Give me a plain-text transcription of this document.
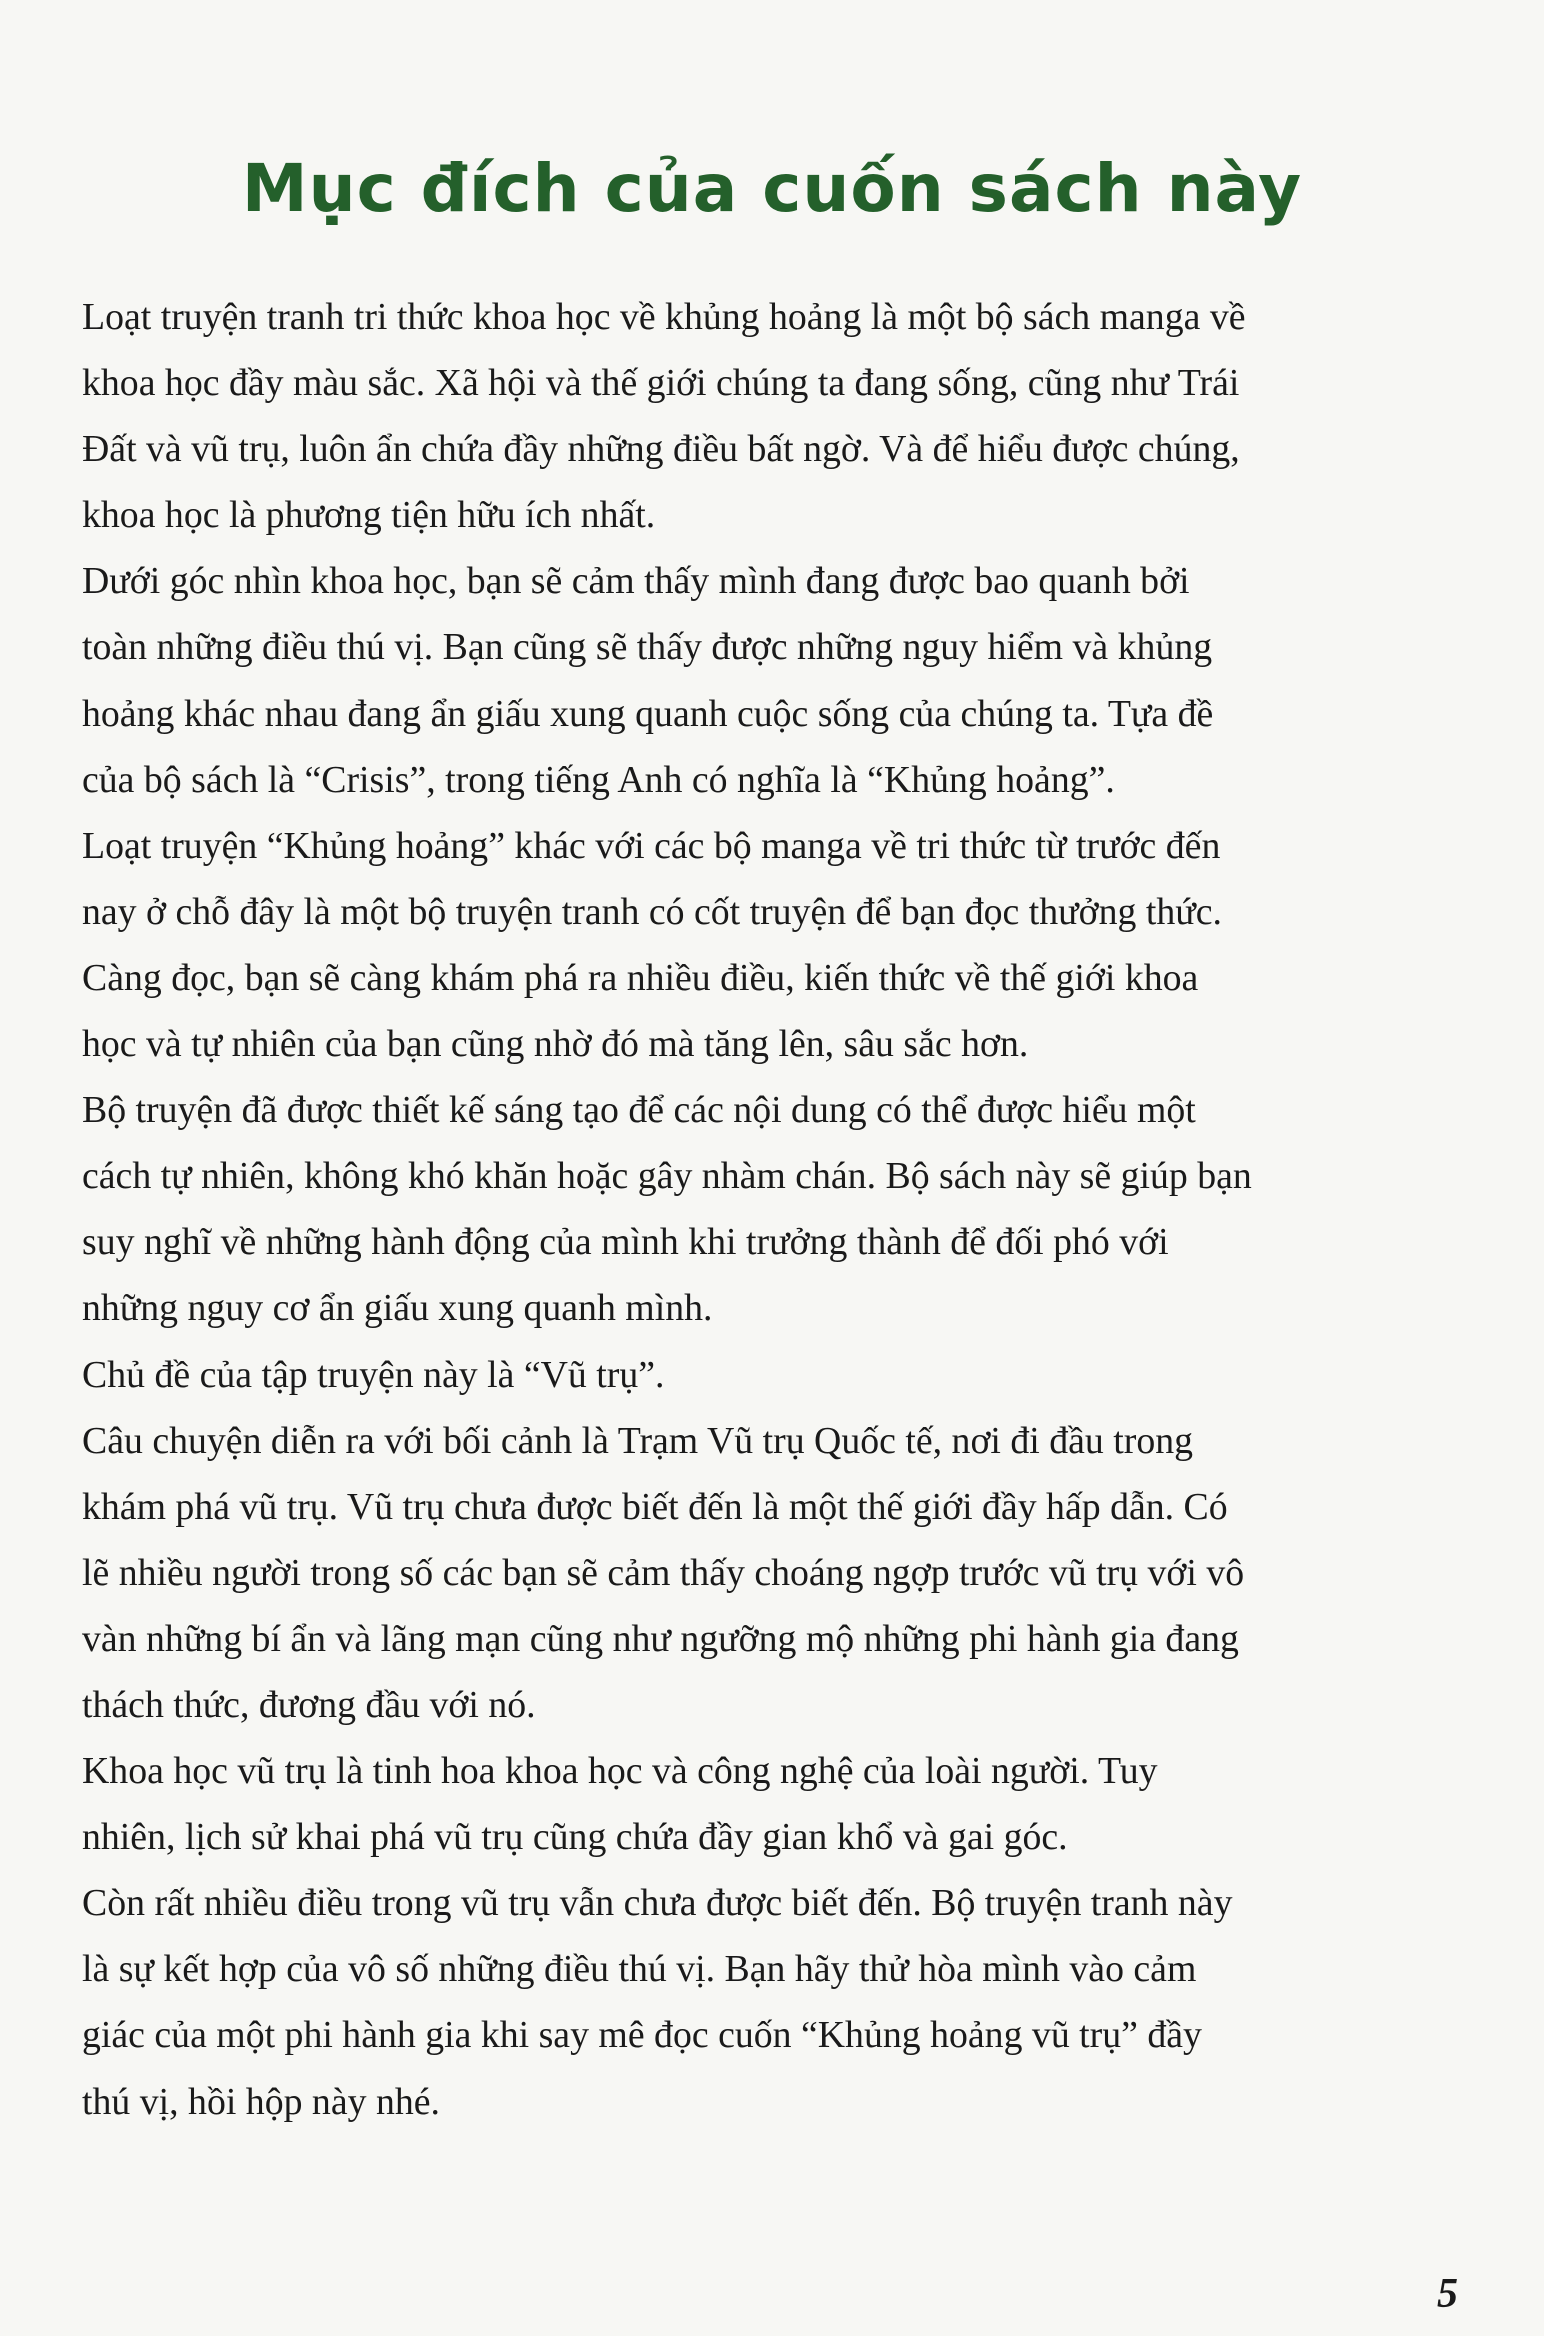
Mục đích của cuốn sách này
Loạt truyện tranh tri thức khoa học về khủng hoảng là một bộ sách manga về
khoa học đầy màu sắc. Xã hội và thế giới chúng ta đang sống, cũng như Trái
Đất và vũ trụ, luôn ẩn chứa đầy những điều bất ngờ. Và để hiểu được chúng,
khoa học là phương tiện hữu ích nhất.
Dưới góc nhìn khoa học, bạn sẽ cảm thấy mình đang được bao quanh bởi
toàn những điều thú vị. Bạn cũng sẽ thấy được những nguy hiểm và khủng
hoảng khác nhau đang ẩn giấu xung quanh cuộc sống của chúng ta. Tựa đề
của bộ sách là “Crisis”, trong tiếng Anh có nghĩa là “Khủng hoảng”.
Loạt truyện “Khủng hoảng” khác với các bộ manga về tri thức từ trước đến
nay ở chỗ đây là một bộ truyện tranh có cốt truyện để bạn đọc thưởng thức.
Càng đọc, bạn sẽ càng khám phá ra nhiều điều, kiến thức về thế giới khoa
học và tự nhiên của bạn cũng nhờ đó mà tăng lên, sâu sắc hơn.
Bộ truyện đã được thiết kế sáng tạo để các nội dung có thể được hiểu một
cách tự nhiên, không khó khăn hoặc gây nhàm chán. Bộ sách này sẽ giúp bạn
suy nghĩ về những hành động của mình khi trưởng thành để đối phó với
những nguy cơ ẩn giấu xung quanh mình.
Chủ đề của tập truyện này là “Vũ trụ”.
Câu chuyện diễn ra với bối cảnh là Trạm Vũ trụ Quốc tế, nơi đi đầu trong
khám phá vũ trụ. Vũ trụ chưa được biết đến là một thế giới đầy hấp dẫn. Có
lẽ nhiều người trong số các bạn sẽ cảm thấy choáng ngợp trước vũ trụ với vô
vàn những bí ẩn và lãng mạn cũng như ngưỡng mộ những phi hành gia đang
thách thức, đương đầu với nó.
Khoa học vũ trụ là tinh hoa khoa học và công nghệ của loài người. Tuy
nhiên, lịch sử khai phá vũ trụ cũng chứa đầy gian khổ và gai góc.
Còn rất nhiều điều trong vũ trụ vẫn chưa được biết đến. Bộ truyện tranh này
là sự kết hợp của vô số những điều thú vị. Bạn hãy thử hòa mình vào cảm
giác của một phi hành gia khi say mê đọc cuốn “Khủng hoảng vũ trụ” đầy
thú vị, hồi hộp này nhé.
5
